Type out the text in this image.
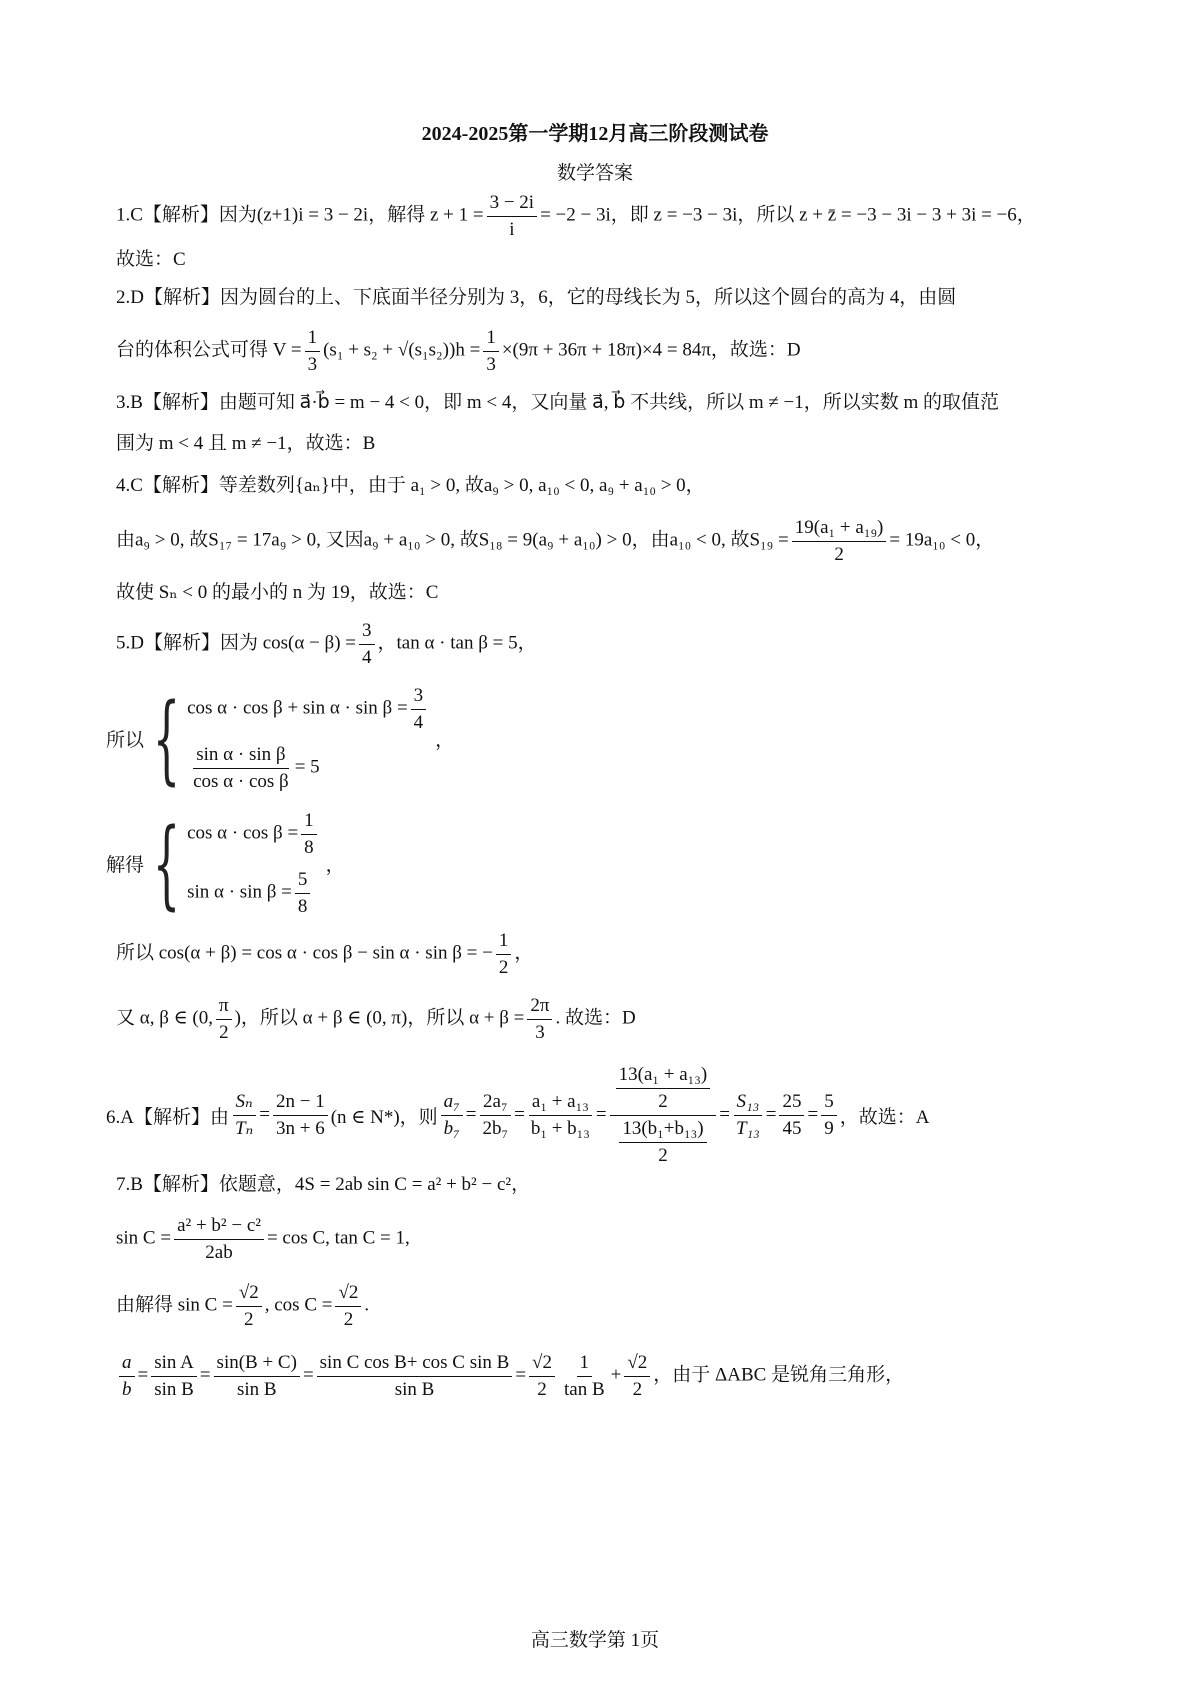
2024-2025第一学期12月高三阶段测试卷
数学答案
1.C【解析】因为(z+1)i = 3 − 2i，解得 $z + 1 = \frac{3 - 2i}{i} = -2 - 3i$，即 z = −3 − 3i，所以 z + z̄ = −3 − 3i − 3 + 3i = −6，
故选：C
2.D【解析】因为圆台的上、下底面半径分别为 3，6，它的母线长为 5，所以这个圆台的高为 4，由圆
台的体积公式可得 $V = \frac{1}{3} (s_1 + s_2 + √(s_1s_2))h = \frac{1}{3} \times(9\pi + 36\pi + 18\pi)\times 4 = 84\pi$，故选：D
3.B【解析】由题可知 a⃗·b⃗ = m − 4 < 0，即 m < 4，又向量 a⃗, b⃗ 不共线，所以 m ≠ −1，所以实数 m 的取值范
围为 m < 4 且 m ≠ −1，故选：B
4.C【解析】等差数列{aₙ}中，由于 a₁ > 0, 故a₉ > 0, a₁₀ < 0, a₉ + a₁₀ > 0，
由a₉ > 0, 故S₁₇ = 17a₉ > 0, 又因a₉ + a₁₀ > 0, 故S₁₈ = 9(a₉ + a₁₀) > 0，由a₁₀ < 0, 故$S_{19} = \frac{\text{19(a₁ + a₁₉)}}{2} = 19a_{10} < 0$，
故使 Sₙ < 0 的最小的 n 为 19，故选：C
5.D【解析】因为 $\cos(\alpha - \beta) = \frac{3}{4}$ ，tan α · tan β = 5，
所以 { $\cos \alpha \cdot \cos \beta + \sin \alpha \cdot \sin \beta = \frac{3}{4}$
$\frac{\text{sin α · sin β}}{\text{cos α · cos β}} = 5$
，
解得 { $\cos \alpha \cdot \cos \beta = \frac{1}{8}$
$\sin \alpha \cdot \sin \beta = \frac{5}{8}$
，
所以 cos(α + β) = cos α · cos β − sin α · sin β = − $\frac{1}{2}$ ，
又 α, β ∈ (0, $\frac{\pi}{2}$ )，所以 α + β ∈ (0, π)，所以 $\alpha + \beta = \frac{2\pi}{3}$ . 故选：D
6.A【解析】由 $\frac{\text{Sₙ}}{\text{Tₙ}} = \frac{2n - 1}{3n + 6} (n$ ∈ N*)，则 $\frac{\text{a₇}}{\text{b₇}} = \frac{\text{2a₇}}{\text{2b₇}} = \frac{\text{a₁ + a₁₃}}{\text{b₁ + b₁₃}} = \frac{\frac{\text{13(a₁ + a₁₃)}}{2}}{\frac{\text{13(b₁+b₁₃)}}{2}} = \frac{\text{S₁₃}}{\text{T₁₃}} = \frac{25}{45} = \frac{5}{9}$ ，故选：A
7.B【解析】依题意，4S = 2ab sin C = a² + b² − c²，
$\sin C = \frac{\text{a² + b² − c²}}{2ab} = \cos C$, tan C = 1,
由解得 $\sin C = \frac{√2}{2}$ , $\cos C = \frac{√2}{2}$ .
$\frac{a}{b} = \frac{\text{sin A}}{\text{sin B}} = \frac{\sin(B + C)}{\text{sin B}} = \frac{\text{sin C cos B+ cos C sin B}}{\text{sin B}} = \frac{√2}{2} \frac{1}{\text{tan B}} + \frac{√2}{2}$ ，由于 ΔABC 是锐角三角形，
高三数学第 1页
